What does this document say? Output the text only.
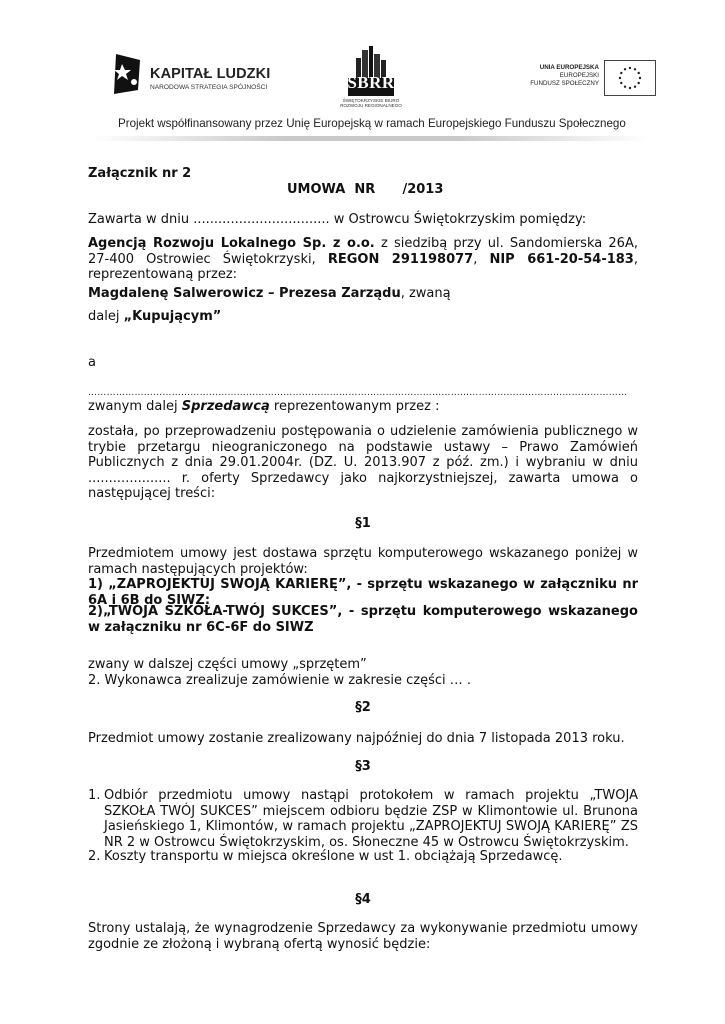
KAPITAŁ LUDZKI
NARODOWA STRATEGIA SPÓJNOŚCI	SBRR
ŚWIĘTOKRZYSKIE BIURO ROZWOJU REGIONALNEGO
UNIA EUROPEJSKA
EUROPEJSKI
FUNDUSZ SPOŁECZNY
Projekt współfinansowany przez Unię Europejską w ramach Europejskiego Funduszu Społecznego
Załącznik nr 2
UMOWA  NR      /2013
Zawarta w dniu ................................. w Ostrowcu Świętokrzyskim pomiędzy:
Agencją Rozwoju Lokalnego Sp. z o.o. z siedzibą przy ul. Sandomierska 26A, 27-400 Ostrowiec Świętokrzyski, REGON 291198077, NIP 661-20-54-183, reprezentowaną przez:
Magdalenę Salwerowicz – Prezesa Zarządu, zwaną
dalej „Kupującym”
a
…………………………………………………………………………………………………………………………………………………………
zwanym dalej Sprzedawcą reprezentowanym przez :
została, po przeprowadzeniu postępowania o udzielenie zamówienia publicznego w trybie przetargu nieograniczonego na podstawie ustawy – Prawo Zamówień Publicznych z dnia 29.01.2004r. (DZ. U. 2013.907 z póź. zm.) i wybraniu w dniu .................... r. oferty Sprzedawcy jako najkorzystniejszej, zawarta umowa o następującej treści:
§1
Przedmiotem umowy jest dostawa sprzętu komputerowego wskazanego poniżej w ramach następujących projektów:
1) „ZAPROJEKTUJ SWOJĄ KARIERĘ”, - sprzętu wskazanego w załączniku nr 6A i 6B do SIWZ:
2)„TWOJA SZKOŁA-TWÓJ SUKCES”, - sprzętu komputerowego wskazanego w załączniku nr 6C-6F do SIWZ
zwany w dalszej części umowy „sprzętem”
2. Wykonawca zrealizuje zamówienie w zakresie części … .
§2
Przedmiot umowy zostanie zrealizowany najpóźniej do dnia 7 listopada 2013 roku.
§3
1. Odbiór przedmiotu umowy nastąpi protokołem w ramach projektu „TWOJA SZKOŁA TWÓJ SUKCES” miejscem odbioru będzie ZSP w Klimontowie ul. Brunona Jasieńskiego 1, Klimontów, w ramach projektu „ZAPROJEKTUJ SWOJĄ KARIERĘ” ZS NR 2 w Ostrowcu Świętokrzyskim, os. Słoneczne 45 w Ostrowcu Świętokrzyskim.
2. Koszty transportu w miejsca określone w ust 1. obciążają Sprzedawcę.
§4
Strony ustalają, że wynagrodzenie Sprzedawcy za wykonywanie przedmiotu umowy zgodnie ze złożoną i wybraną ofertą wynosić będzie:
